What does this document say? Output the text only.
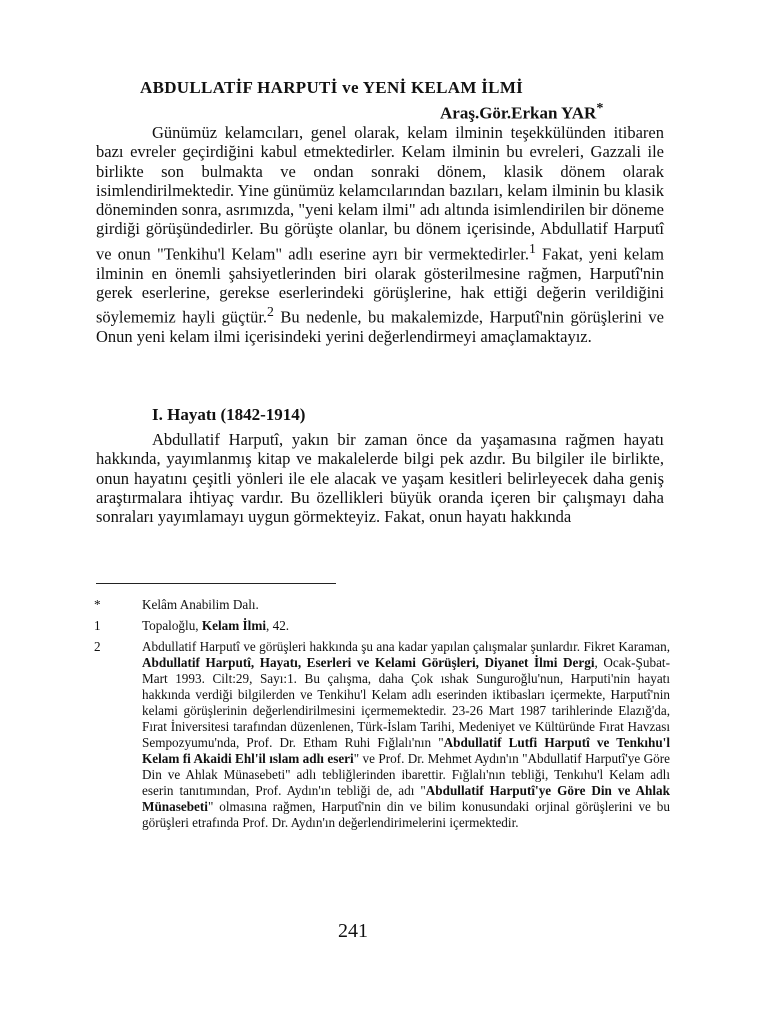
ABDULLATİF HARPUTİ ve YENİ KELAM İLMİ
Araş.Gör.Erkan YAR*

Günümüz kelamcıları, genel olarak, kelam ilminin teşekkülünden itibaren bazı evreler geçirdiğini kabul etmektedirler. Kelam ilminin bu evreleri, Gazzali ile birlikte son bulmakta ve ondan sonraki dönem, klasik dönem olarak isimlendirilmektedir. Yine günümüz kelamcılarından bazıları, kelam ilminin bu klasik döneminden sonra, asrımızda, "yeni kelam ilmi" adı altında isimlendirilen bir döneme girdiği görüşündedirler. Bu görüşte olanlar, bu dönem içerisinde, Abdullatif Harputî ve onun "Tenkihu'l Kelam" adlı eserine ayrı bir vermektedirler.$^1$ Fakat, yeni kelam ilminin en önemli şahsiyetlerinden biri olarak gösterilmesine rağmen, Harputî'nin gerek eserlerine, gerekse eserlerindeki görüşlerine, hak ettiği değerin verildiğini söylememiz hayli güçtür.$^2$ Bu nedenle, bu makalemizde, Harputî'nin görüşlerini ve Onun yeni kelam ilmi içerisindeki yerini değerlendirmeyi amaçlamaktayız.

I. Hayatı (1842-1914)

Abdullatif Harputî, yakın bir zaman önce da yaşamasına rağmen hayatı hakkında, yayımlanmış kitap ve makalelerde bilgi pek azdır. Bu bilgiler ile birlikte, onun hayatını çeşitli yönleri ile ele alacak ve yaşam kesitleri belirleyecek daha geniş araştırmalara ihtiyaç vardır. Bu özellikleri büyük oranda içeren bir çalışmayı daha sonraları yayımlamayı uygun görmekteyiz. Fakat, onun hayatı hakkında

*	Kelâm Anabilim Dalı.
1	Topaloğlu, Kelam İlmi, 42.
2	Abdullatif Harputî ve görüşleri hakkında şu ana kadar yapılan çalışmalar şunlardır. Fikret Karaman, Abdullatif Harputî, Hayatı, Eserleri ve Kelami Görüşleri, Diyanet İlmi Dergi, Ocak-Şubat-Mart 1993. Cilt:29, Sayı:1. Bu çalışma, daha Çok ıshak Sunguroğlu'nun, Harputi'nin hayatı hakkında verdiği bilgilerden ve Tenkihu'l Kelam adlı eserinden iktibasları içermekte, Harputî'nin kelami görüşlerinin değerlendirilmesini içermemektedir. 23-26 Mart 1987 tarihlerinde Elazığ'da, Fırat İniversitesi tarafından düzenlenen, Türk-İslam Tarihi, Medeniyet ve Kültüründe Fırat Havzası Sempozyumu'nda, Prof. Dr. Etham Ruhi Fığlalı'nın "Abdullatif Lutfi Harputî ve Tenkıhu'l Kelam fi Akaidi Ehl'il ıslam adlı eseri" ve Prof. Dr. Mehmet Aydın'ın "Abdullatif Harputî'ye Göre Din ve Ahlak Münasebeti" adlı tebliğlerinden ibarettir. Fığlalı'nın tebliği, Tenkıhu'l Kelam adlı eserin tanıtımından, Prof. Aydın'ın tebliği de, adı "Abdullatif Harputî'ye Göre Din ve Ahlak Münasebeti" olmasına rağmen, Harputî'nin din ve bilim konusundaki orjinal görüşlerini ve bu görüşleri etrafında Prof. Dr. Aydın'ın değerlendirimelerini içermektedir.
241
